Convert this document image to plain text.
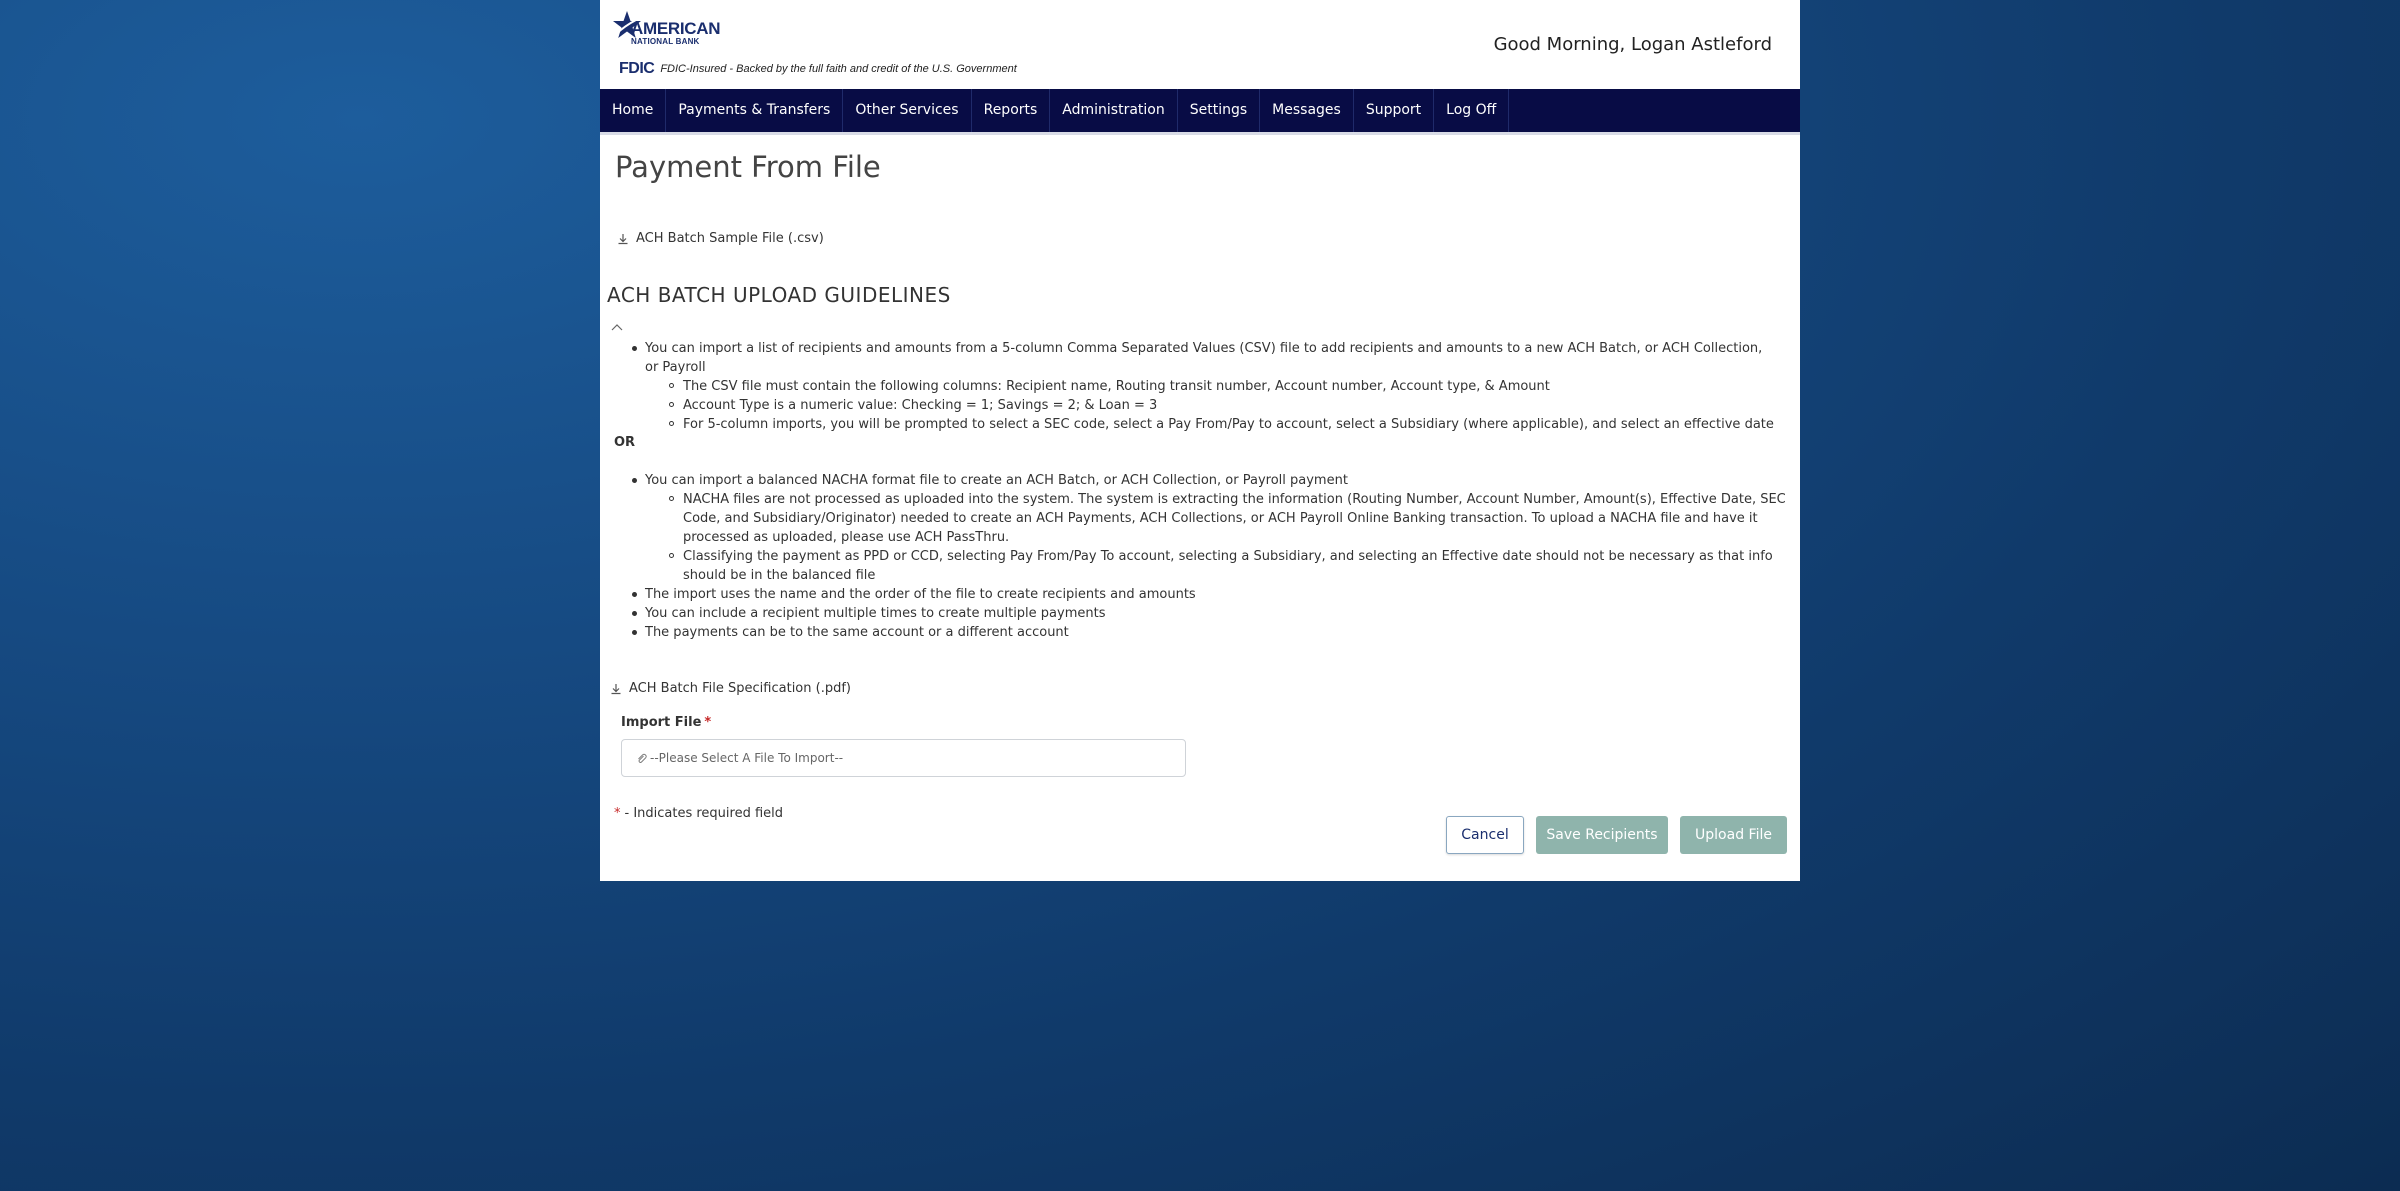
AMERICAN
NATIONAL BANK
FDIC FDIC-Insured - Backed by the full faith and credit of the U.S. Government
Good Morning, Logan Astleford
Home	Payments & Transfers	Other Services	Reports	Administration	Settings	Messages	Support	Log Off
Payment From File
ACH Batch Sample File (.csv)
ACH BATCH UPLOAD GUIDELINES
You can import a list of recipients and amounts from a 5-column Comma Separated Values (CSV) file to add recipients and amounts to a new ACH Batch, or ACH Collection, or Payroll
The CSV file must contain the following columns: Recipient name, Routing transit number, Account number, Account type, & Amount
Account Type is a numeric value: Checking = 1; Savings = 2; & Loan = 3
For 5-column imports, you will be prompted to select a SEC code, select a Pay From/Pay to account, select a Subsidiary (where applicable), and select an effective date
OR
You can import a balanced NACHA format file to create an ACH Batch, or ACH Collection, or Payroll payment
NACHA files are not processed as uploaded into the system. The system is extracting the information (Routing Number, Account Number, Amount(s), Effective Date, SEC Code, and Subsidiary/Originator) needed to create an ACH Payments, ACH Collections, or ACH Payroll Online Banking transaction. To upload a NACHA file and have it processed as uploaded, please use ACH PassThru.
Classifying the payment as PPD or CCD, selecting Pay From/Pay To account, selecting a Subsidiary, and selecting an Effective date should not be necessary as that info should be in the balanced file
The import uses the name and the order of the file to create recipients and amounts
You can include a recipient multiple times to create multiple payments
The payments can be to the same account or a different account
ACH Batch File Specification (.pdf)
Import File *
--Please Select A File To Import--
* - Indicates required field
Cancel	Save Recipients	Upload File
